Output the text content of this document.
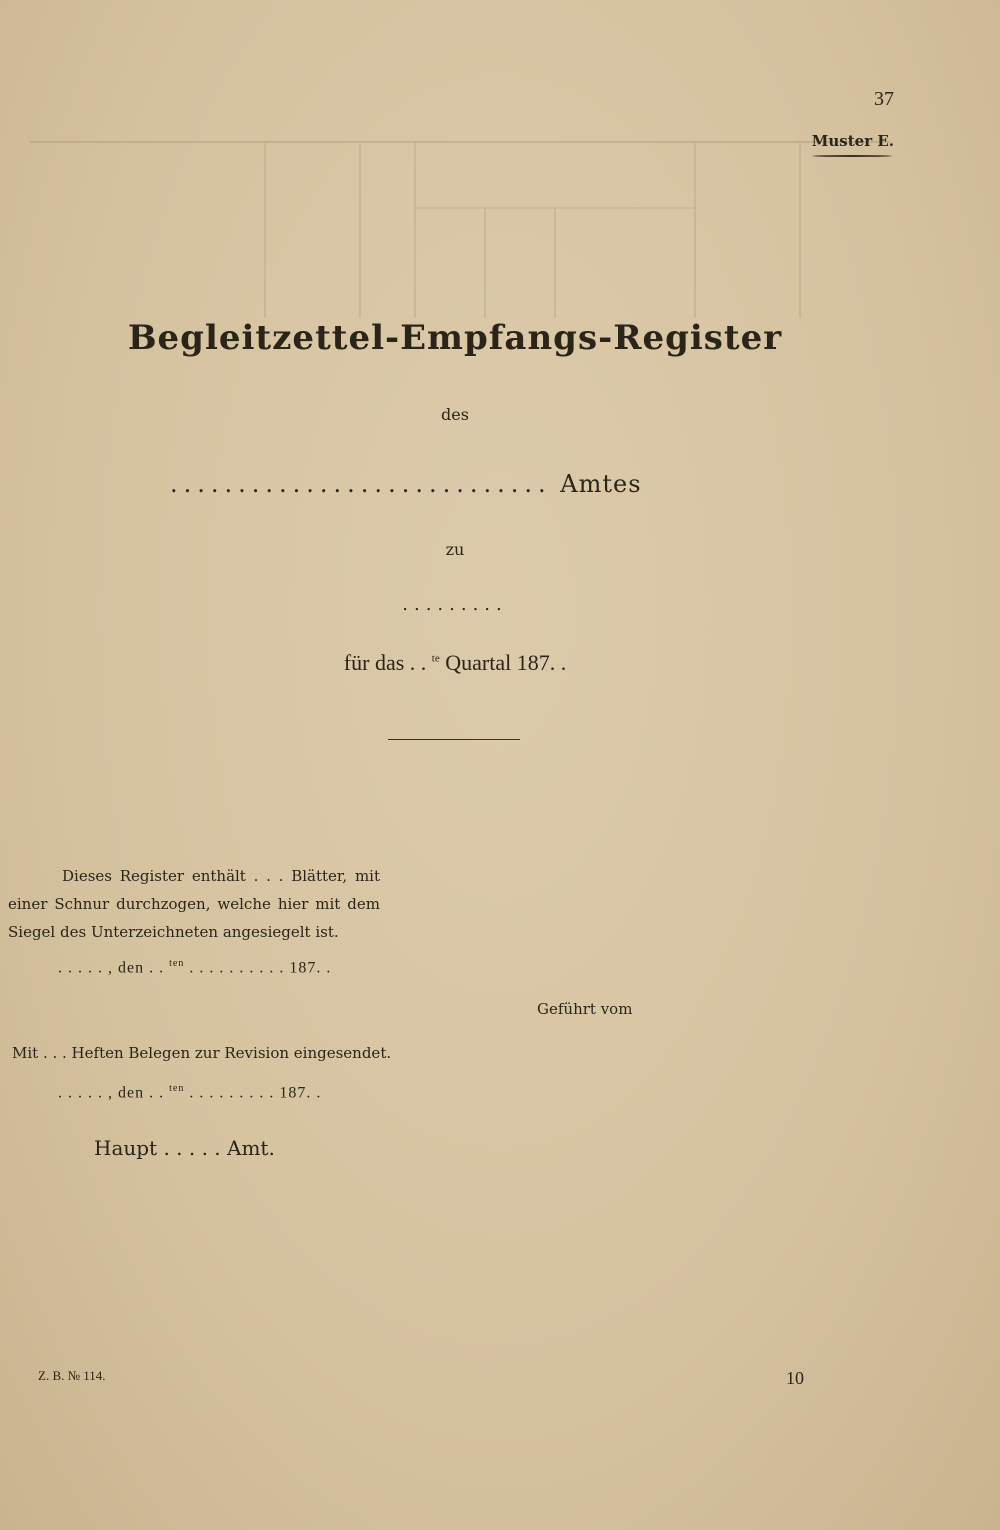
37
Muster E.
Begleitzettel-Empfangs-Register
des
............................ Amtes
zu
.........
für das . . $^{te}$ Quartal 187. .

Dieses Register enthält . . . Blätter, mit einer Schnur durchzogen, welche hier mit dem Siegel des Unterzeichneten angesiegelt ist.

. . . . . , den . . $^{ten}$ . . . . . . . . . . 187. .
Geführt vom
Mit . . . Heften Belegen zur Revision eingesendet.
. . . . . , den . . $^{ten}$ . . . . . . . . . 187. .
Haupt . . . . . Amt.
Z. B. № 114.	10
